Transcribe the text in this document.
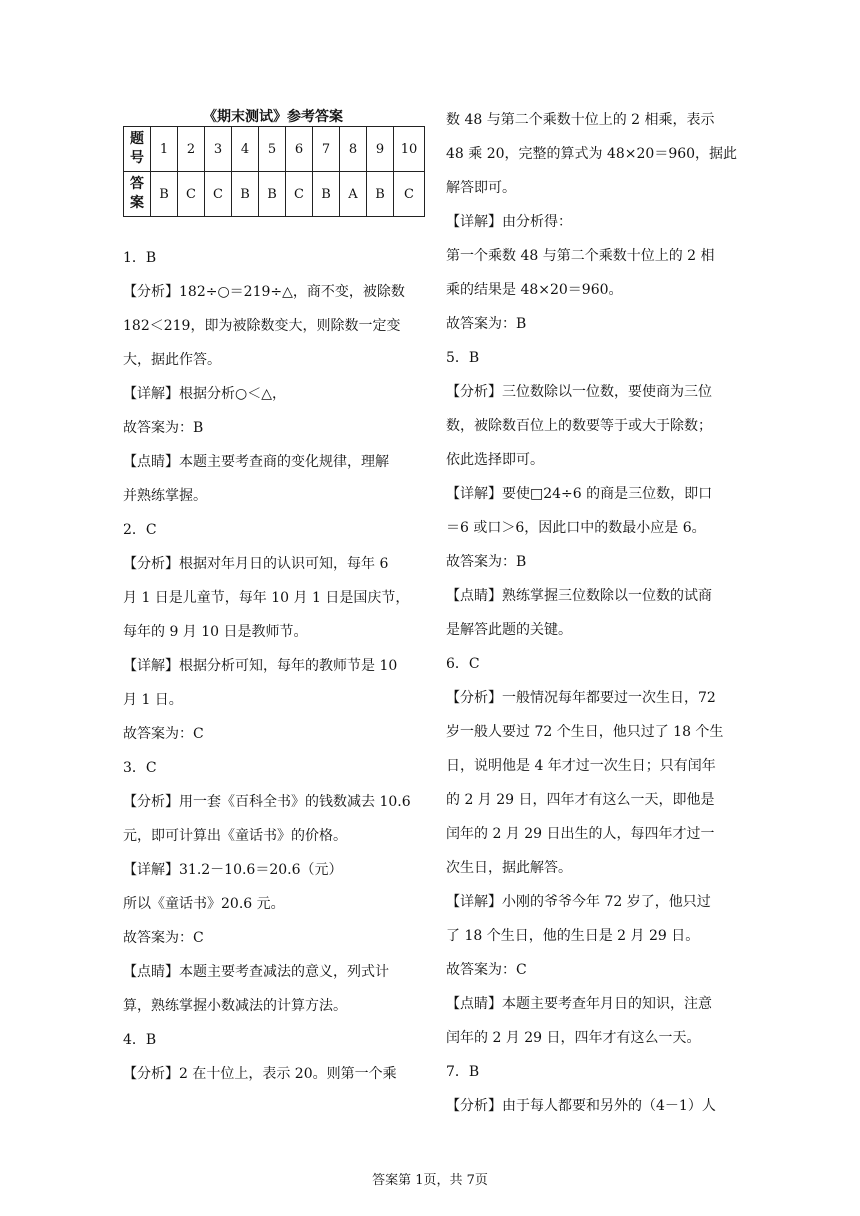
《期末测试》参考答案
题
号	1	2	3	4	5	6	7	8	9	10
答
案	B	C	C	B	B	C	B	A	B	C
1．B
【分析】182÷○＝219÷△，商不变，被除数
182＜219，即为被除数变大，则除数一定变
大，据此作答。
【详解】根据分析○＜△，
故答案为：B
【点睛】本题主要考查商的变化规律，理解
并熟练掌握。
2．C
【分析】根据对年月日的认识可知，每年 6
月 1 日是儿童节，每年 10 月 1 日是国庆节，
每年的 9 月 10 日是教师节。
【详解】根据分析可知，每年的教师节是 10
月 1 日。
故答案为：C
3．C
【分析】用一套《百科全书》的钱数减去 10.6
元，即可计算出《童话书》的价格。
【详解】31.2－10.6＝20.6（元）
所以《童话书》20.6 元。
故答案为：C
【点睛】本题主要考查减法的意义，列式计
算，熟练掌握小数减法的计算方法。
4．B
【分析】2 在十位上，表示 20。则第一个乘
数 48 与第二个乘数十位上的 2 相乘，表示
48 乘 20，完整的算式为 48×20＝960，据此
解答即可。
【详解】由分析得：
第一个乘数 48 与第二个乘数十位上的 2 相
乘的结果是 48×20＝960。
故答案为：B
5．B
【分析】三位数除以一位数，要使商为三位
数，被除数百位上的数要等于或大于除数；
依此选择即可。
【详解】要使□24÷6 的商是三位数，即口
＝6 或口＞6，因此口中的数最小应是 6。
故答案为：B
【点睛】熟练掌握三位数除以一位数的试商
是解答此题的关键。
6．C
【分析】一般情况每年都要过一次生日，72
岁一般人要过 72 个生日，他只过了 18 个生
日，说明他是 4 年才过一次生日；只有闰年
的 2 月 29 日，四年才有这么一天，即他是
闰年的 2 月 29 日出生的人，每四年才过一
次生日，据此解答。
【详解】小刚的爷爷今年 72 岁了，他只过
了 18 个生日，他的生日是 2 月 29 日。
故答案为：C
【点睛】本题主要考查年月日的知识，注意
闰年的 2 月 29 日，四年才有这么一天。
7．B
【分析】由于每人都要和另外的（4－1）人
答案第 1页，共 7页
